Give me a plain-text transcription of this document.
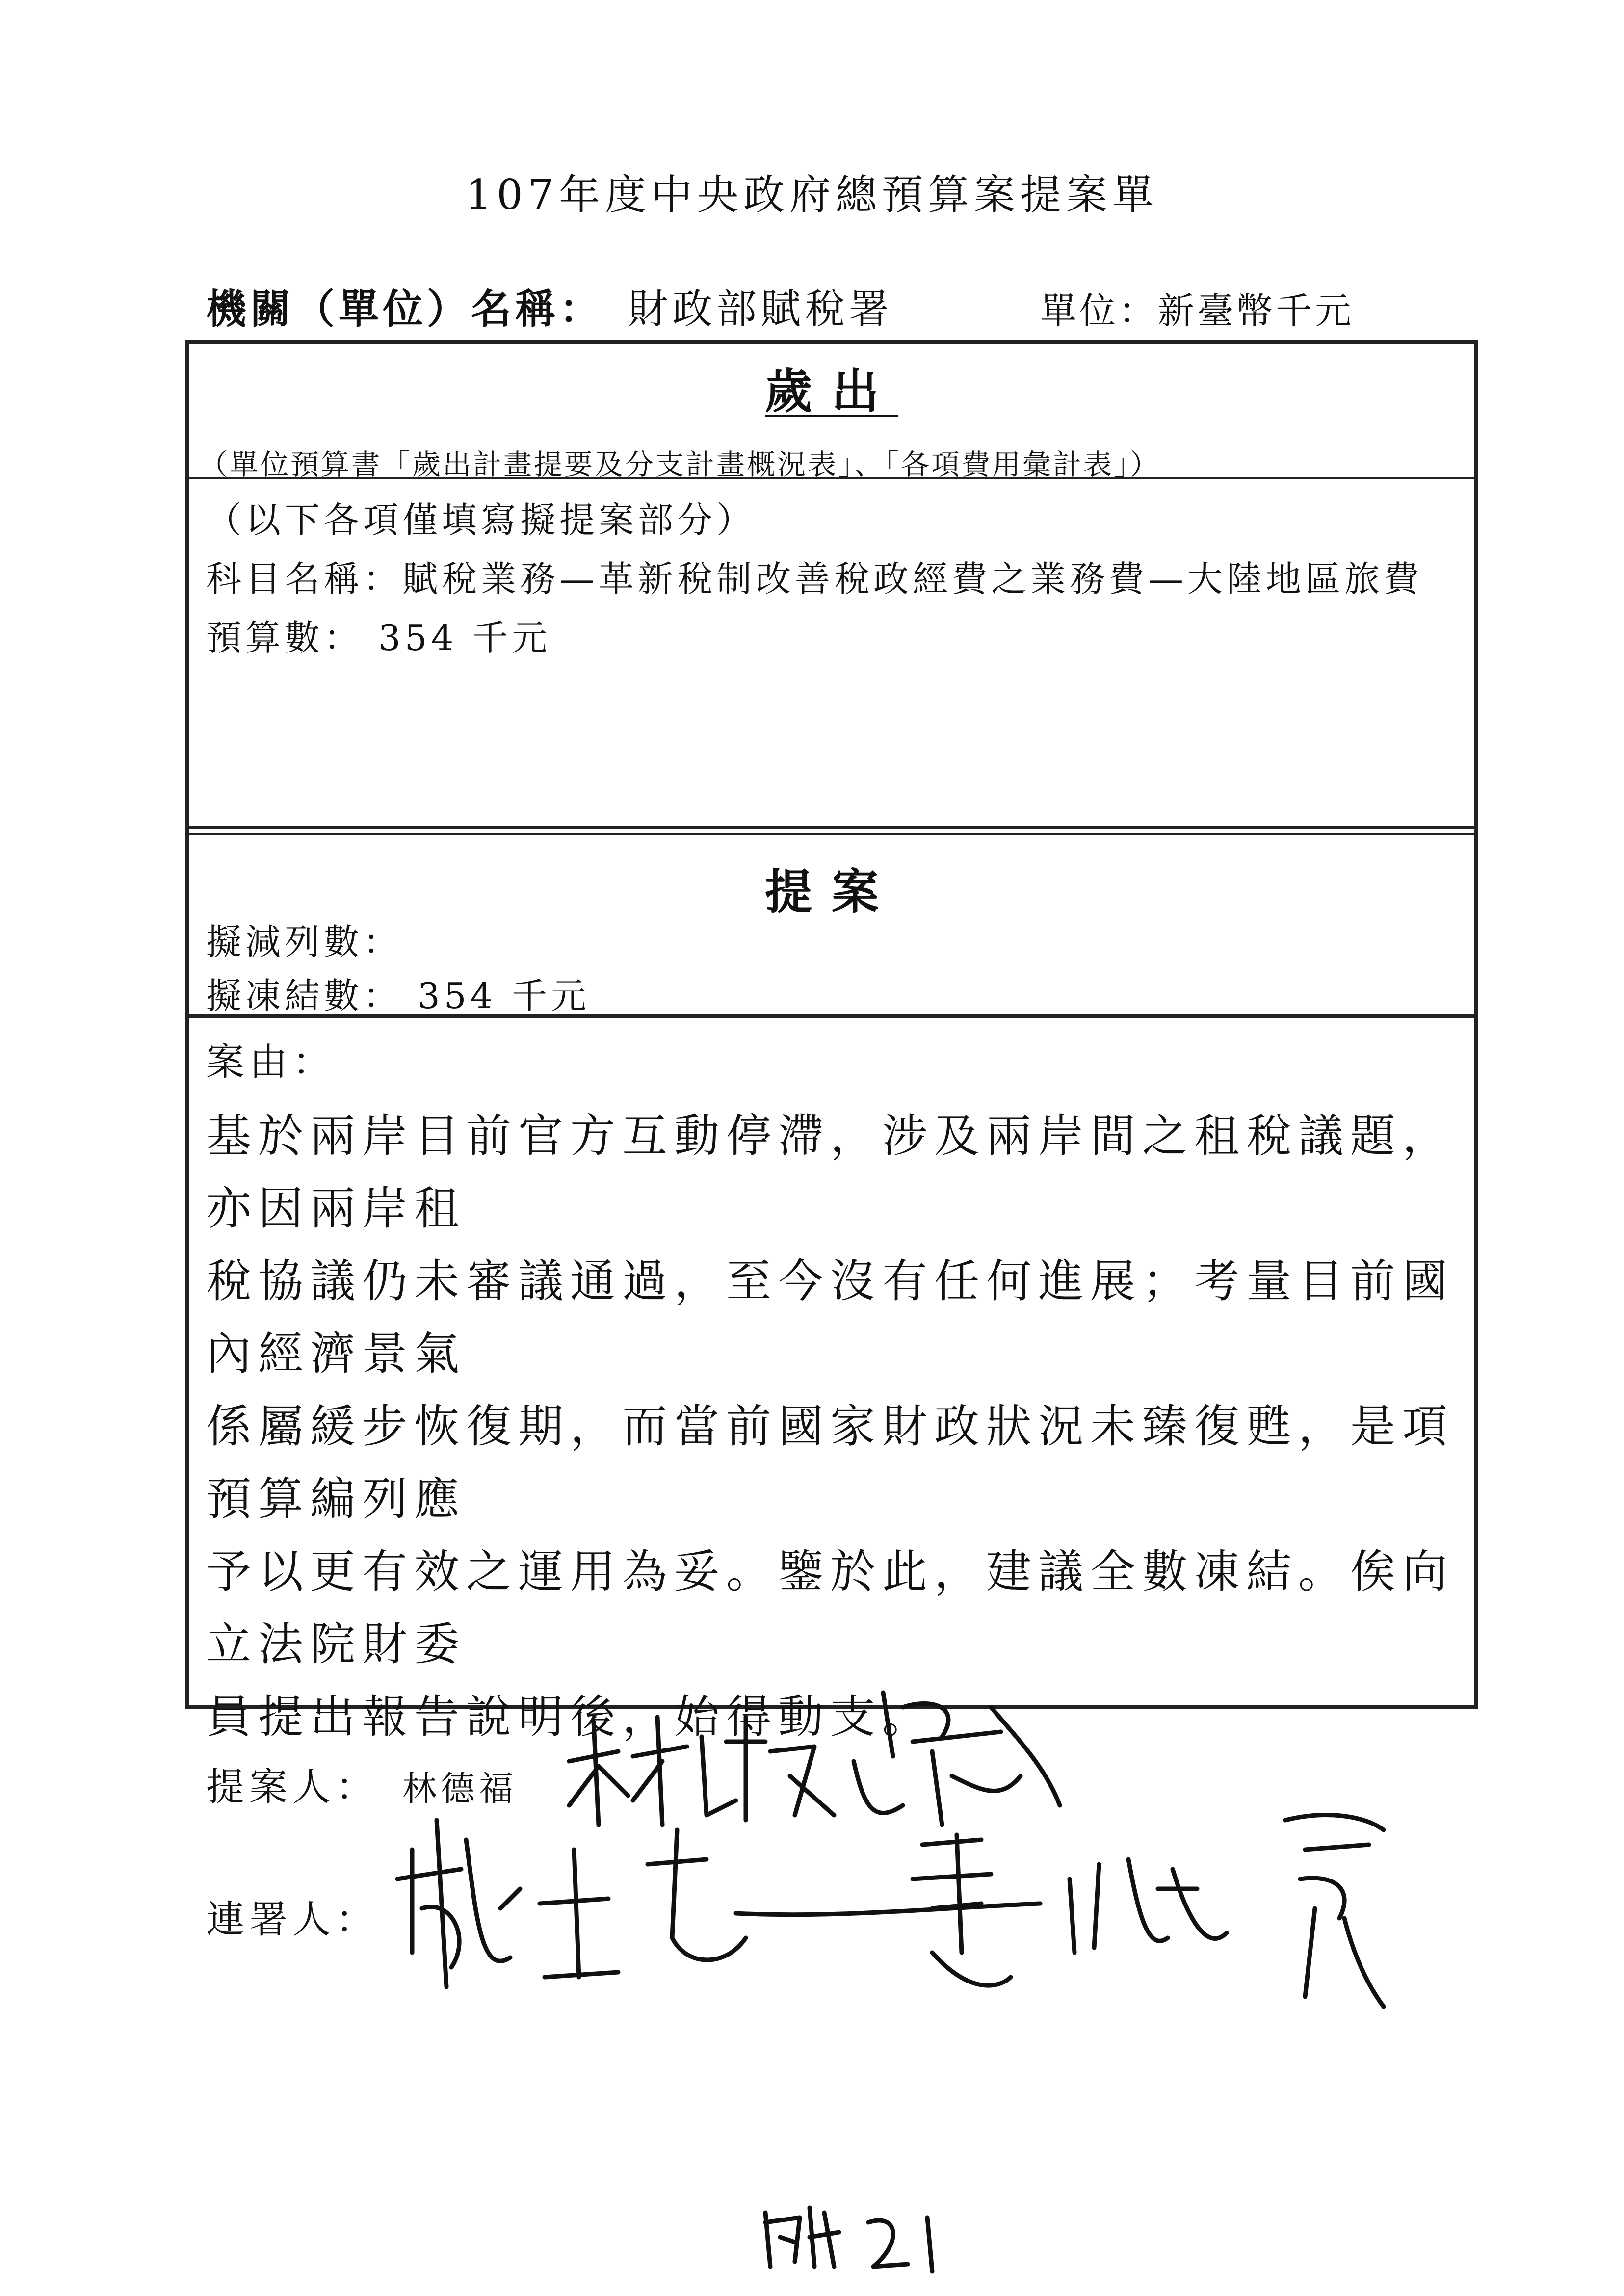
107年度中央政府總預算案提案單
機關（單位）名稱： 財政部賦稅署	單位：新臺幣千元
歲出
（單位預算書「歲出計畫提要及分支計畫概況表」、「各項費用彙計表」）
（以下各項僅填寫擬提案部分）
科目名稱：賦稅業務—革新稅制改善稅政經費之業務費—大陸地區旅費
預算數： 354 千元
提案
擬減列數：
擬凍結數： 354 千元
案由：
基於兩岸目前官方互動停滯，涉及兩岸間之租稅議題，亦因兩岸租
稅協議仍未審議通過，至今沒有任何進展；考量目前國內經濟景氣
係屬緩步恢復期，而當前國家財政狀況未臻復甦，是項預算編列應
予以更有效之運用為妥。鑒於此，建議全數凍結。俟向立法院財委
員提出報告說明後，始得動支。
提案人： 林德福
連署人：
